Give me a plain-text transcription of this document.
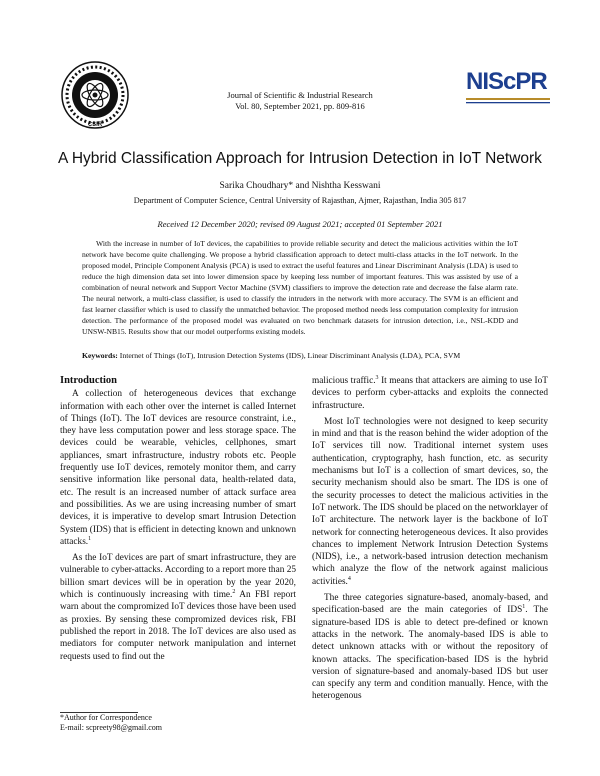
CSIR
NIScPR
Journal of Scientific & Industrial Research
Vol. 80, September 2021, pp. 809-816
A Hybrid Classification Approach for Intrusion Detection in IoT Network
Sarika Choudhary* and Nishtha Kesswani
Department of Computer Science, Central University of Rajasthan, Ajmer, Rajasthan, India 305 817
Received 12 December 2020; revised 09 August 2021; accepted 01 September 2021
With the increase in number of IoT devices, the capabilities to provide reliable security and detect the malicious activities within the IoT network have become quite challenging. We propose a hybrid classification approach to detect multi-class attacks in the IoT network. In the proposed model, Principle Component Analysis (PCA) is used to extract the useful features and Linear Discriminant Analysis (LDA) is used to reduce the high dimension data set into lower dimension space by keeping less number of important features. This was assisted by use of a combination of neural network and Support Vector Machine (SVM) classifiers to improve the detection rate and decrease the false alarm rate. The neural network, a multi-class classifier, is used to classify the intruders in the network with more accuracy. The SVM is an efficient and fast learner classifier which is used to classify the unmatched behavior. The proposed method needs less computation complexity for intrusion detection. The performance of the proposed model was evaluated on two benchmark datasets for intrusion detection, i.e., NSL-KDD and UNSW-NB15. Results show that our model outperforms existing models.
Keywords: Internet of Things (IoT), Intrusion Detection Systems (IDS), Linear Discriminant Analysis (LDA), PCA, SVM
Introduction

A collection of heterogeneous devices that exchange information with each other over the internet is called Internet of Things (IoT). The IoT devices are resource constraint, i.e., they have less computation power and less storage space. The devices could be wearable, vehicles, cellphones, smart appliances, smart infrastructure, industry robots etc. People frequently use IoT devices, remotely monitor them, and carry sensitive information like personal data, health-related data, etc. The result is an increased number of attack surface area and possibilities. As we are using increasing number of smart devices, it is imperative to develop smart Intrusion Detection System (IDS) that is efficient in detecting known and unknown attacks.$^1$

As the IoT devices are part of smart infrastructure, they are vulnerable to cyber-attacks. According to a report more than 25 billion smart devices will be in operation by the year 2020, which is continuously increasing with time.$^2$ An FBI report warn about the compromized IoT devices those have been used as proxies. By sensing these compromized devices risk, FBI published the report in 2018. The IoT devices are also used as mediators for computer network manipulation and internet requests used to find out the

malicious traffic.$^3$ It means that attackers are aiming to use IoT devices to perform cyber-attacks and exploits the connected infrastructure.

Most IoT technologies were not designed to keep security in mind and that is the reason behind the wider adoption of the IoT services till now. Traditional internet system uses authentication, cryptography, hash function, etc. as security mechanisms but IoT is a collection of smart devices, so, the security mechanism should also be smart. The IDS is one of the security processes to detect the malicious activities in the IoT network. The IDS should be placed on the networklayer of IoT architecture. The network layer is the backbone of IoT network for connecting heterogeneous devices. It also provides chances to implement Network Intrusion Detection Systems (NIDS), i.e., a network-based intrusion detection mechanism which analyze the flow of the network against malicious activities.$^4$

The three categories signature-based, anomaly-based, and specification-based are the main categories of IDS$^1$. The signature-based IDS is able to detect pre-defined or known attacks in the network. The anomaly-based IDS is able to detect unknown attacks with or without the repository of known attacks. The specification-based IDS is the hybrid version of signature-based and anomaly-based IDS but user can specify any term and condition manually. Hence, with the heterogenous

*Author for Correspondence
E-mail: scpreety98@gmail.com
